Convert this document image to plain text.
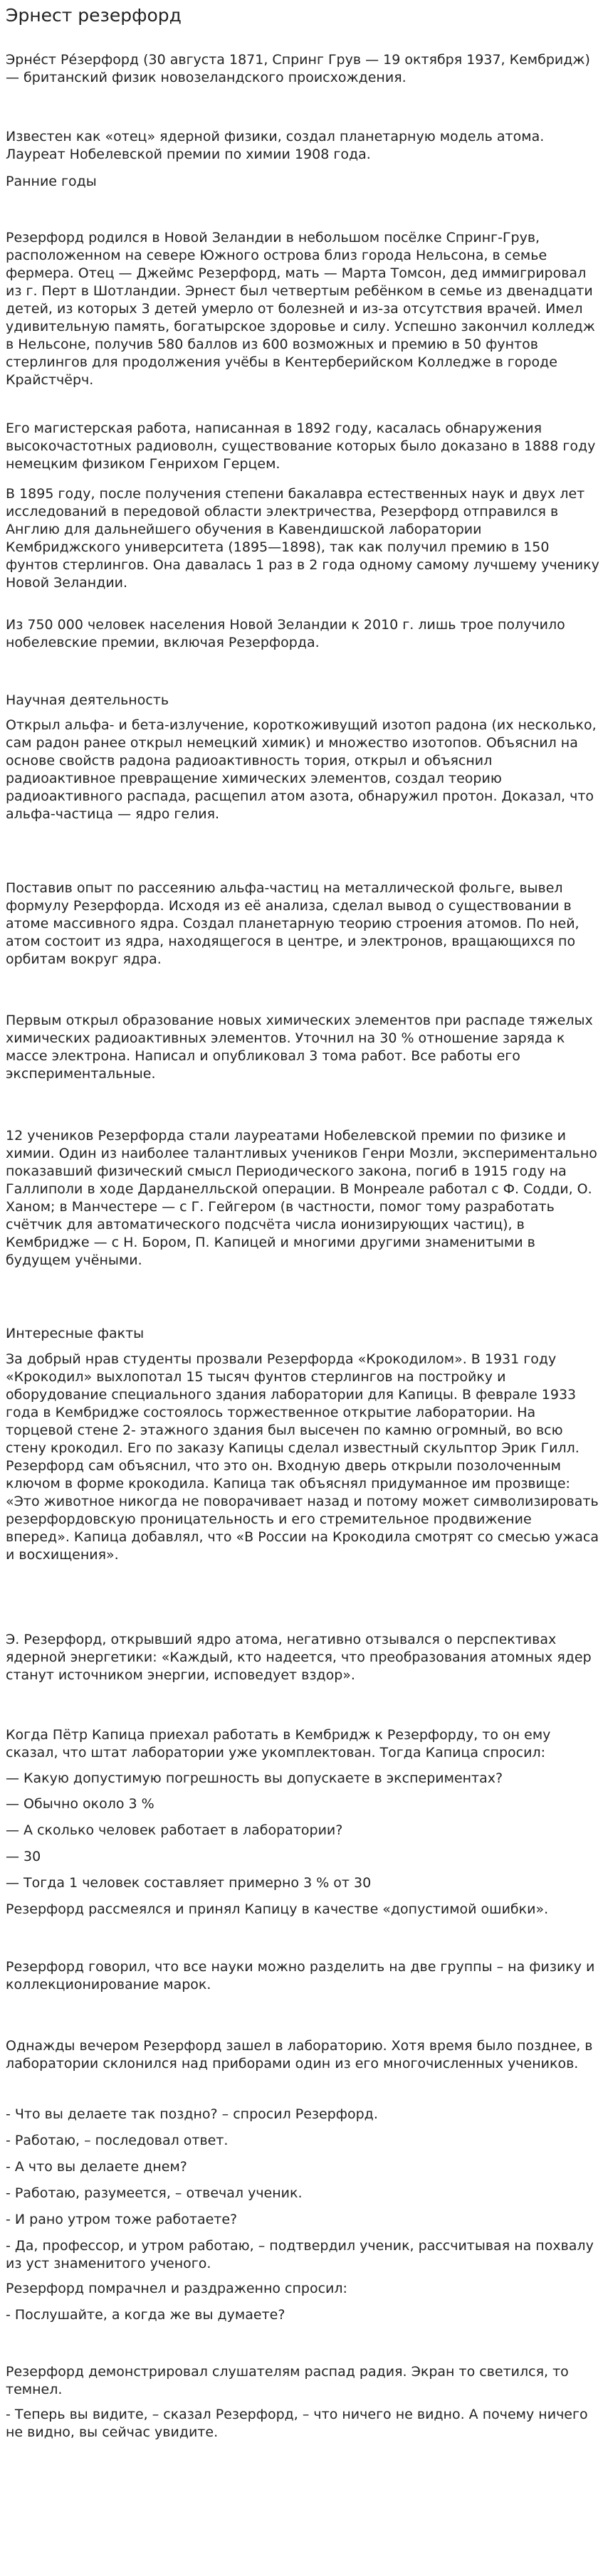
Эрнест резерфорд

Эрне́ст Ре́зерфорд (30 августа 1871, Спринг Грув — 19 октября 1937, Кембридж) — британский физик новозеландского происхождения.

Известен как «отец» ядерной физики, создал планетарную модель атома. Лауреат Нобелевской премии по химии 1908 года.

Ранние годы

Резерфорд родился в Новой Зеландии в небольшом посёлке Спринг-Грув, расположенном на севере Южного острова близ города Нельсона, в семье фермера. Отец — Джеймс Резерфорд, мать — Марта Томсон, дед иммигрировал из г. Перт в Шотландии. Эрнест был четвертым ребёнком в семье из двенадцати детей, из которых 3 детей умерло от болезней и из-за отсутствия врачей. Имел удивительную память, богатырское здоровье и силу. Успешно закончил колледж в Нельсоне, получив 580 баллов из 600 возможных и премию в 50 фунтов стерлингов для продолжения учёбы в Кентерберийском Колледже в городе Крайстчёрч.

Его магистерская работа, написанная в 1892 году, касалась обнаружения высокочастотных радиоволн, существование которых было доказано в 1888 году немецким физиком Генрихом Герцем.

В 1895 году, после получения степени бакалавра естественных наук и двух лет исследований в передовой области электричества, Резерфорд отправился в Англию для дальнейшего обучения в Кавендишской лаборатории Кембриджского университета (1895—1898), так как получил премию в 150 фунтов стерлингов. Она давалась 1 раз в 2 года одному самому лучшему ученику Новой Зеландии.

Из 750 000 человек населения Новой Зеландии к 2010 г. лишь трое получило нобелевские премии, включая Резерфорда.

Научная деятельность

Открыл альфа- и бета-излучение, короткоживущий изотоп радона (их несколько, сам радон ранее открыл немецкий химик) и множество изотопов. Объяснил на основе свойств радона радиоактивность тория, открыл и объяснил радиоактивное превращение химических элементов, создал теорию радиоактивного распада, расщепил атом азота, обнаружил протон. Доказал, что альфа-частица — ядро гелия.

Поставив опыт по рассеянию альфа-частиц на металлической фольге, вывел формулу Резерфорда. Исходя из её анализа, сделал вывод о существовании в атоме массивного ядра. Создал планетарную теорию строения атомов. По ней, атом состоит из ядра, находящегося в центре, и электронов, вращающихся по орбитам вокруг ядра.

Первым открыл образование новых химических элементов при распаде тяжелых химических радиоактивных элементов. Уточнил на 30 % отношение заряда к массе электрона. Написал и опубликовал 3 тома работ. Все работы его экспериментальные.

12 учеников Резерфорда стали лауреатами Нобелевской премии по физике и химии. Один из наиболее талантливых учеников Генри Мозли, экспериментально показавший физический смысл Периодического закона, погиб в 1915 году на Галлиполи в ходе Дарданелльской операции. В Монреале работал с Ф. Содди, О. Ханом; в Манчестере — с Г. Гейгером (в частности, помог тому разработать счётчик для автоматического подсчёта числа ионизирующих частиц), в Кембридже — с Н. Бором, П. Капицей и многими другими знаменитыми в будущем учёными.

Интересные факты

За добрый нрав студенты прозвали Резерфорда «Крокодилом». В 1931 году «Крокодил» выхлопотал 15 тысяч фунтов стерлингов на постройку и оборудование специального здания лаборатории для Капицы. В феврале 1933 года в Кембридже состоялось торжественное открытие лаборатории. На торцевой стене 2- этажного здания был высечен по камню огромный, во всю стену крокодил. Его по заказу Капицы сделал известный скульптор Эрик Гилл. Резерфорд сам объяснил, что это он. Входную дверь открыли позолоченным ключом в форме крокодила. Капица так объяснял придуманное им прозвище: «Это животное никогда не поворачивает назад и потому может символизировать резерфордовскую проницательность и его стремительное продвижение вперед». Капица добавлял, что «В России на Крокодила смотрят со смесью ужаса и восхищения».

Э. Резерфорд, открывший ядро атома, негативно отзывался о перспективах ядерной энергетики: «Каждый, кто надеется, что преобразования атомных ядер станут источником энергии, исповедует вздор».

Когда Пётр Капица приехал работать в Кембридж к Резерфорду, то он ему сказал, что штат лаборатории уже укомплектован. Тогда Капица спросил:

— Какую допустимую погрешность вы допускаете в экспериментах?

— Обычно около 3 %

— А сколько человек работает в лаборатории?

— 30

— Тогда 1 человек составляет примерно 3 % от 30

Резерфорд рассмеялся и принял Капицу в качестве «допустимой ошибки».

Резерфорд говорил, что все науки можно разделить на две группы – на физику и коллекционирование марок.

Однажды вечером Резерфорд зашел в лабораторию. Хотя время было позднее, в лаборатории склонился над приборами один из его многочисленных учеников.

- Что вы делаете так поздно? – спросил Резерфорд.

- Работаю, – последовал ответ.

- А что вы делаете днем?

- Работаю, разумеется, – отвечал ученик.

- И рано утром тоже работаете?

- Да, профессор, и утром работаю, – подтвердил ученик, рассчитывая на похвалу из уст знаменитого ученого.

Резерфорд помрачнел и раздраженно спросил:

- Послушайте, а когда же вы думаете?

Резерфорд демонстрировал слушателям распад радия. Экран то светился, то темнел.

- Теперь вы видите, – сказал Резерфорд, – что ничего не видно. А почему ничего не видно, вы сейчас увидите.
